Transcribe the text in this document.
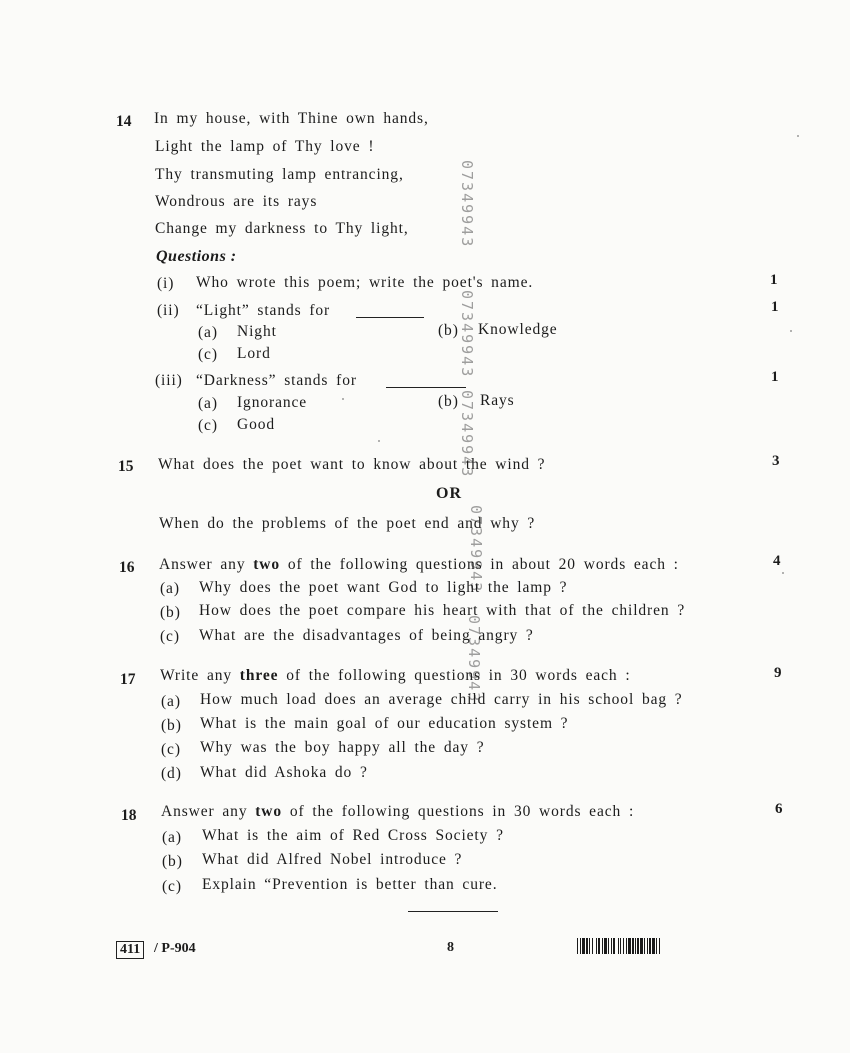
07349943
07349943
07349943
07349943
07349943
14 In my house, with Thine own hands,
Light the lamp of Thy love !
Thy transmuting lamp entrancing,
Wondrous are its rays
Change my darkness to Thy light,
Questions :
(i) Who wrote this poem; write the poet's name.	1
(ii) “Light” stands for	1
(a) Night	(b) Knowledge
(c) Lord
(iii) “Darkness” stands for	1
(a) Ignorance	(b) Rays
(c) Good
15 What does the poet want to know about the wind ?	3
OR
When do the problems of the poet end and why ?
16 Answer any two of the following questions in about 20 words each :	4
(a) Why does the poet want God to light the lamp ?
(b) How does the poet compare his heart with that of the children ?
(c) What are the disadvantages of being angry ?
17 Write any three of the following questions in 30 words each :	9
(a) How much load does an average child carry in his school bag ?
(b) What is the main goal of our education system ?
(c) Why was the boy happy all the day ?
(d) What did Ashoka do ?
18 Answer any two of the following questions in 30 words each :	6
(a) What is the aim of Red Cross Society ?
(b) What did Alfred Nobel introduce ?
(c) Explain “Prevention is better than cure.
411 / P-904	8
